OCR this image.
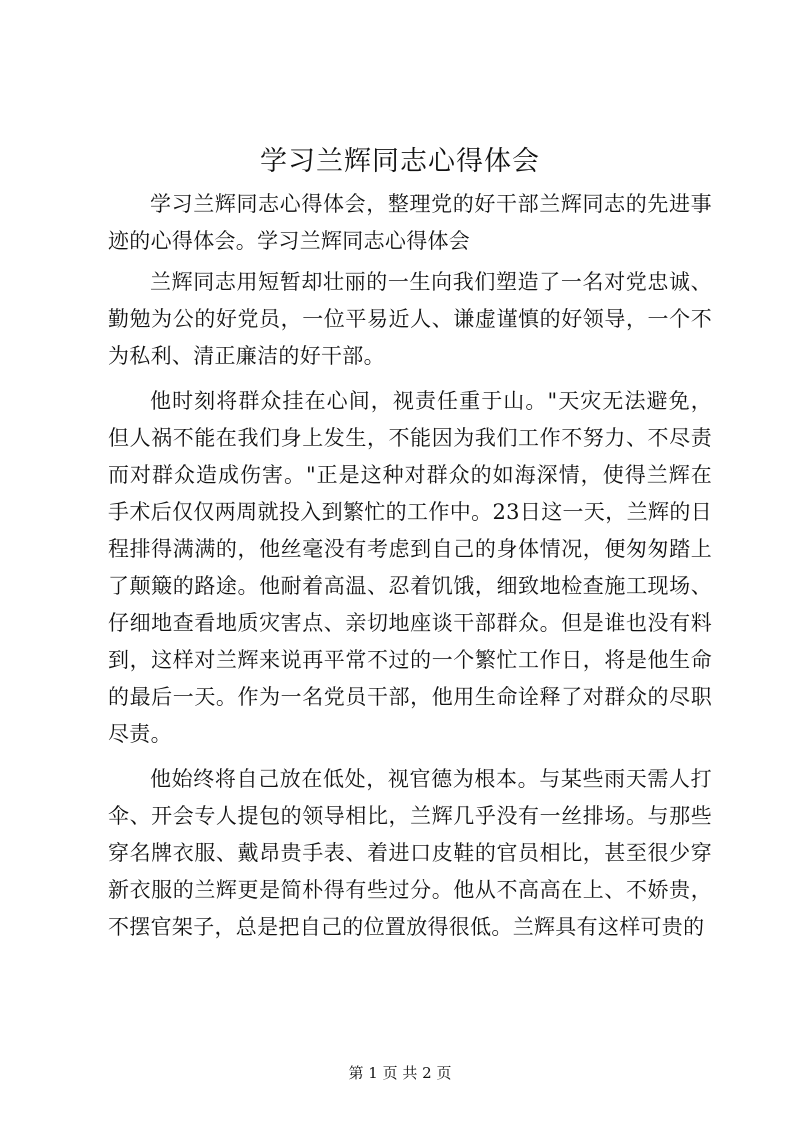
学习兰辉同志心得体会

学习兰辉同志心得体会，整理党的好干部兰辉同志的先进事迹的心得体会。学习兰辉同志心得体会

兰辉同志用短暂却壮丽的一生向我们塑造了一名对党忠诚、勤勉为公的好党员，一位平易近人、谦虚谨慎的好领导，一个不为私利、清正廉洁的好干部。

他时刻将群众挂在心间，视责任重于山。"天灾无法避免，但人祸不能在我们身上发生，不能因为我们工作不努力、不尽责而对群众造成伤害。"正是这种对群众的如海深情，使得兰辉在手术后仅仅两周就投入到繁忙的工作中。23日这一天，兰辉的日程排得满满的，他丝毫没有考虑到自己的身体情况，便匆匆踏上了颠簸的路途。他耐着高温、忍着饥饿，细致地检查施工现场、仔细地查看地质灾害点、亲切地座谈干部群众。但是谁也没有料到，这样对兰辉来说再平常不过的一个繁忙工作日，将是他生命的最后一天。作为一名党员干部，他用生命诠释了对群众的尽职尽责。

他始终将自己放在低处，视官德为根本。与某些雨天需人打伞、开会专人提包的领导相比，兰辉几乎没有一丝排场。与那些穿名牌衣服、戴昂贵手表、着进口皮鞋的官员相比，甚至很少穿新衣服的兰辉更是简朴得有些过分。他从不高高在上、不娇贵，不摆官架子，总是把自己的位置放得很低。兰辉具有这样可贵的

第 1 页 共 2 页
